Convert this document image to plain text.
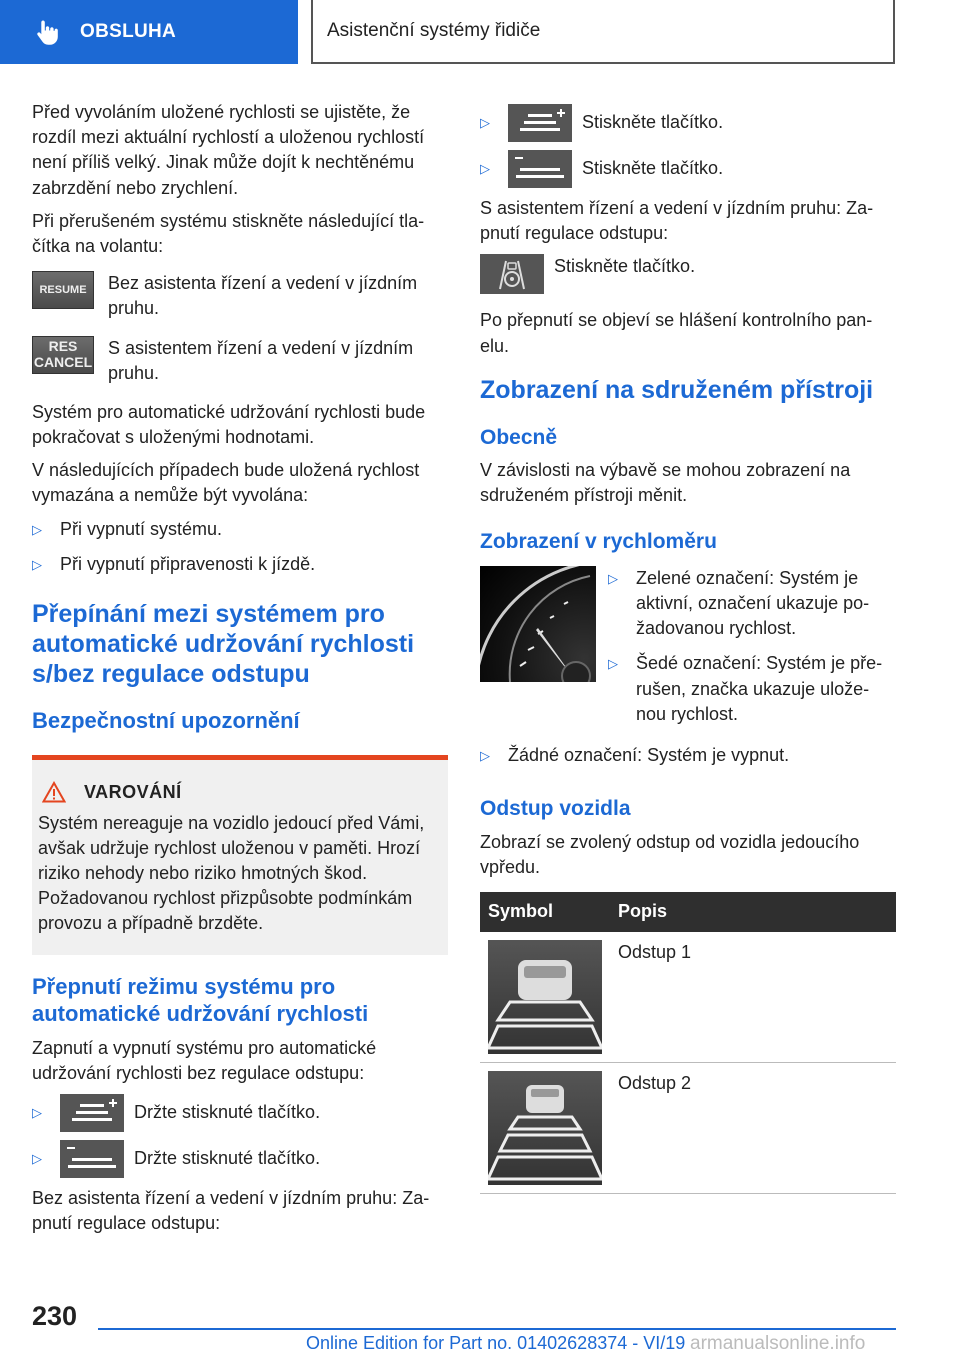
OBSLUHA	Asistenční systémy řidiče

Před vyvoláním uložené rychlosti se ujistěte, že rozdíl mezi aktuální rychlostí a uloženou rychlostí není příliš velký. Jinak může dojít k nechtěnému zabrzdění nebo zrychlení.

Při přerušeném systému stiskněte následující tla-čítka na volantu:

RESUME Bez asistenta řízení a vedení v jízdním pruhu.
RES
CANCEL
S asistentem řízení a vedení v jízdním pruhu.

Systém pro automatické udržování rychlosti bude pokračovat s uloženými hodnotami.

V následujících případech bude uložená rychlost vymazána a nemůže být vyvolána:

▷	Při vypnutí systému.
▷	Při vypnutí připravenosti k jízdě.
Přepínání mezi systémem pro automatické udržování rychlosti s/bez regulace odstupu
Bezpečnostní upozornění
VAROVÁNÍ
Systém nereaguje na vozidlo jedoucí před Vámi, avšak udržuje rychlost uloženou v paměti. Hrozí riziko nehody nebo riziko hmotných škod. Požadovanou rychlost přizpůsobte podmínkám provozu a případně brzděte.
Přepnutí režimu systému pro automatické udržování rychlosti

Zapnutí a vypnutí systému pro automatické udržování rychlosti bez regulace odstupu:

▷	Držte stisknuté tlačítko.
▷	Držte stisknuté tlačítko.

Bez asistenta řízení a vedení v jízdním pruhu: Za-pnutí regulace odstupu:

▷	Stiskněte tlačítko.
▷	Stiskněte tlačítko.

S asistentem řízení a vedení v jízdním pruhu: Za-pnutí regulace odstupu:

Stiskněte tlačítko.

Po přepnutí se objeví se hlášení kontrolního pan-elu.

Zobrazení na sdruženém přístroji
Obecně

V závislosti na výbavě se mohou zobrazení na sdruženém přístroji měnit.

Zobrazení v rychloměru
▷	Zelené označení: Systém je aktivní, označení ukazuje po-žadovanou rychlost.
▷	Šedé označení: Systém je pře-rušen, značka ukazuje ulože-nou rychlost.
▷	Žádné označení: Systém je vypnut.
Odstup vozidla

Zobrazí se zvolený odstup od vozidla jedoucího vpředu.

Symbol	Popis

	Odstup 1

	Odstup 2
230
Online Edition for Part no. 01402628374 - VI/19 armanualsonline.info
